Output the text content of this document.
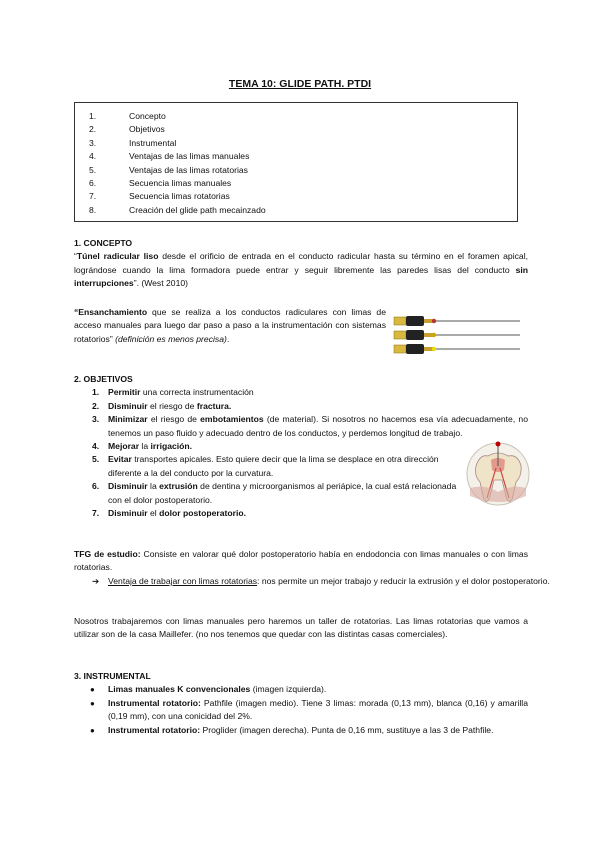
TEMA 10: GLIDE PATH. PTDI
1.	Concepto
2.	Objetivos
3.	Instrumental
4.	Ventajas de las limas manuales
5.	Ventajas de las limas rotatorias
6.	Secuencia limas manuales
7.	Secuencia limas rotatorias
8.	Creación del glide path mecainzado
1. CONCEPTO
“Túnel radicular liso desde el orificio de entrada en el conducto radicular hasta su término en el foramen apical, lográndose cuando la lima formadora puede entrar y seguir libremente las paredes lisas del conducto sin interrupciones”. (West 2010)
“Ensanchamiento que se realiza a los conductos radiculares con limas de acceso manuales para luego dar paso a paso a la instrumentación con sistemas rotatorios” (definición es menos precisa).
2. OBJETIVOS
1. Permitir una correcta instrumentación
2. Disminuir el riesgo de fractura.
3. Minimizar el riesgo de embotamientos (de material). Si nosotros no hacemos esa vía adecuadamente, no tenemos un paso fluido y adecuado dentro de los conductos, y perdemos longitud de trabajo.
4. Mejorar la irrigación.
5. Evitar transportes apicales. Esto quiere decir que la lima se desplace en otra dirección diferente a la del conducto por la curvatura.
6. Disminuir la extrusión de dentina y microorganismos al periápice, la cual está relacionada con el dolor postoperatorio.
7. Disminuir el dolor postoperatorio.
TFG de estudio: Consiste en valorar qué dolor postoperatorio había en endodoncia con limas manuales o con limas rotatorias.
➔ Ventaja de trabajar con limas rotatorias: nos permite un mejor trabajo y reducir la extrusión y el dolor postoperatorio.
Nosotros trabajaremos con limas manuales pero haremos un taller de rotatorias. Las limas rotatorias que vamos a utilizar son de la casa Maillefer. (no nos tenemos que quedar con las distintas casas comerciales).
3. INSTRUMENTAL
● Limas manuales K convencionales (imagen izquierda).
● Instrumental rotatorio: Pathfile (imagen medio). Tiene 3 limas: morada (0,13 mm), blanca (0,16) y amarilla (0,19 mm), con una conicidad del 2%.
● Instrumental rotatorio: Proglider (imagen derecha). Punta de 0,16 mm, sustituye a las 3 de Pathfile.
